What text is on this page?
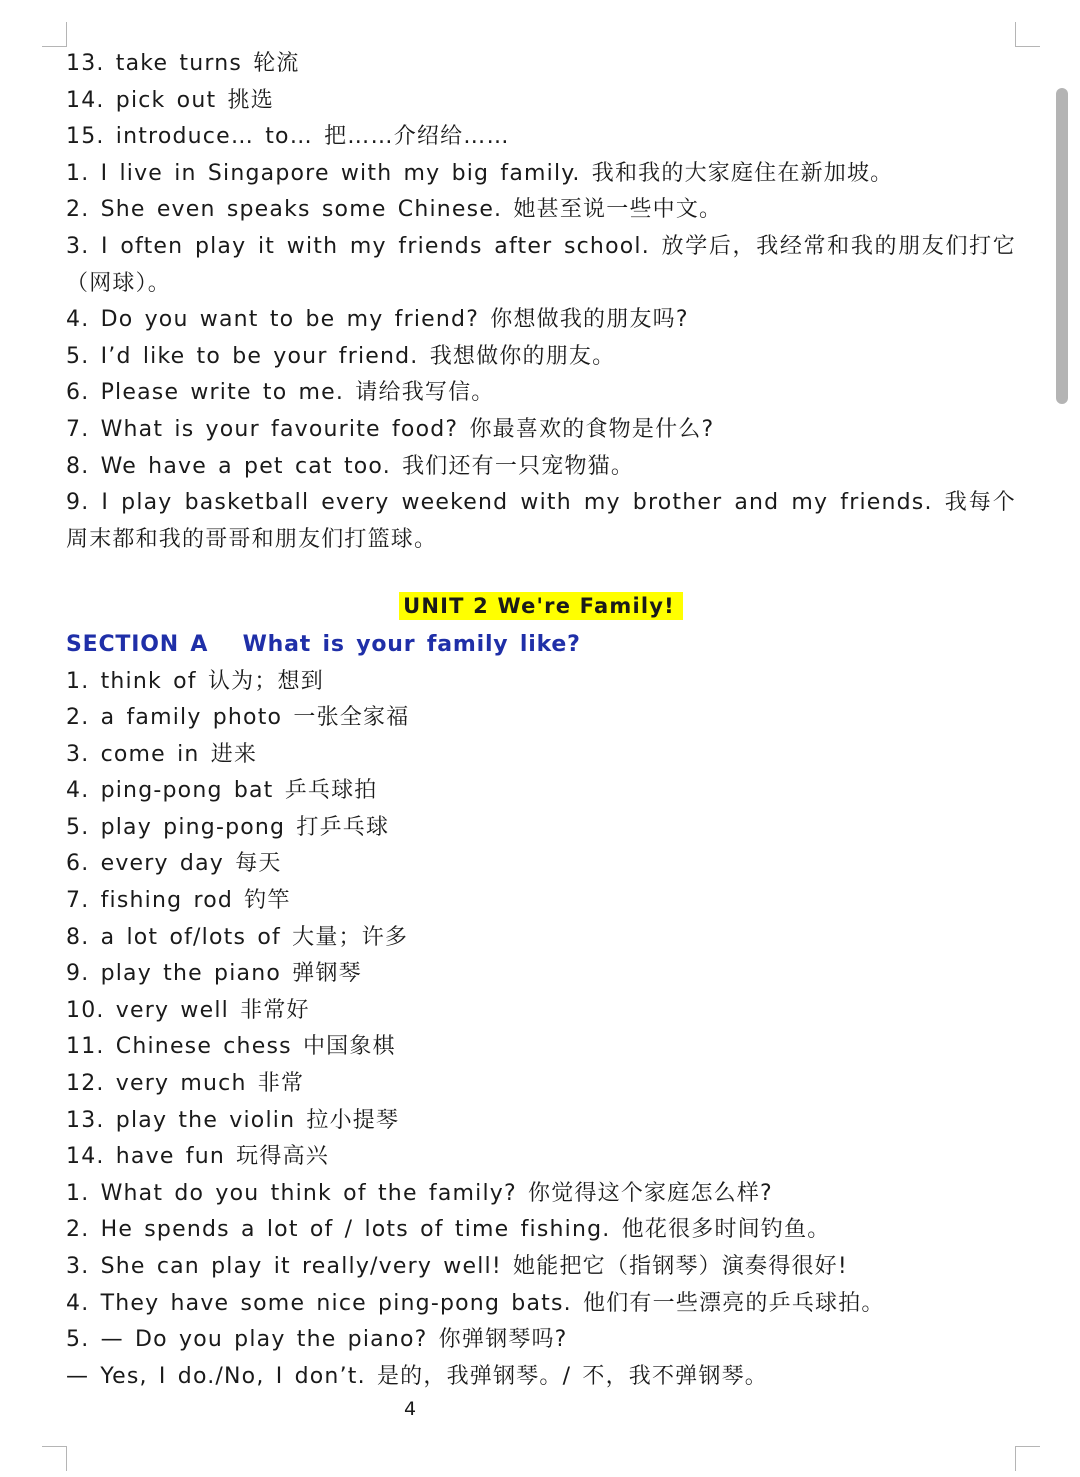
13. take turns 轮流
14. pick out 挑选
15. introduce… to… 把……介绍给……
1. I live in Singapore with my big family. 我和我的大家庭住在新加坡。
2. She even speaks some Chinese. 她甚至说一些中文。
3. I often play it with my friends after school. 放学后，我经常和我的朋友们打它（网球）。
4. Do you want to be my friend? 你想做我的朋友吗?
5. I’d like to be your friend. 我想做你的朋友。
6. Please write to me. 请给我写信。
7. What is your favourite food? 你最喜欢的食物是什么?
8. We have a pet cat too. 我们还有一只宠物猫。
9. I play basketball every weekend with my brother and my friends. 我每个周末都和我的哥哥和朋友们打篮球。
UNIT 2 We're Family!
SECTION A   What is your family like?
1. think of 认为；想到
2. a family photo 一张全家福
3. come in 进来
4. ping-pong bat 乒乓球拍
5. play ping-pong 打乒乓球
6. every day 每天
7. fishing rod 钓竿
8. a lot of/lots of 大量；许多
9. play the piano 弹钢琴
10. very well 非常好
11. Chinese chess 中国象棋
12. very much 非常
13. play the violin 拉小提琴
14. have fun 玩得高兴
1. What do you think of the family? 你觉得这个家庭怎么样?
2. He spends a lot of / lots of time fishing. 他花很多时间钓鱼。
3. She can play it really/very well! 她能把它（指钢琴）演奏得很好!
4. They have some nice ping-pong bats. 他们有一些漂亮的乒乓球拍。
5. — Do you play the piano? 你弹钢琴吗?
— Yes, I do./No, I don’t. 是的，我弹钢琴。/ 不，我不弹钢琴。
4
